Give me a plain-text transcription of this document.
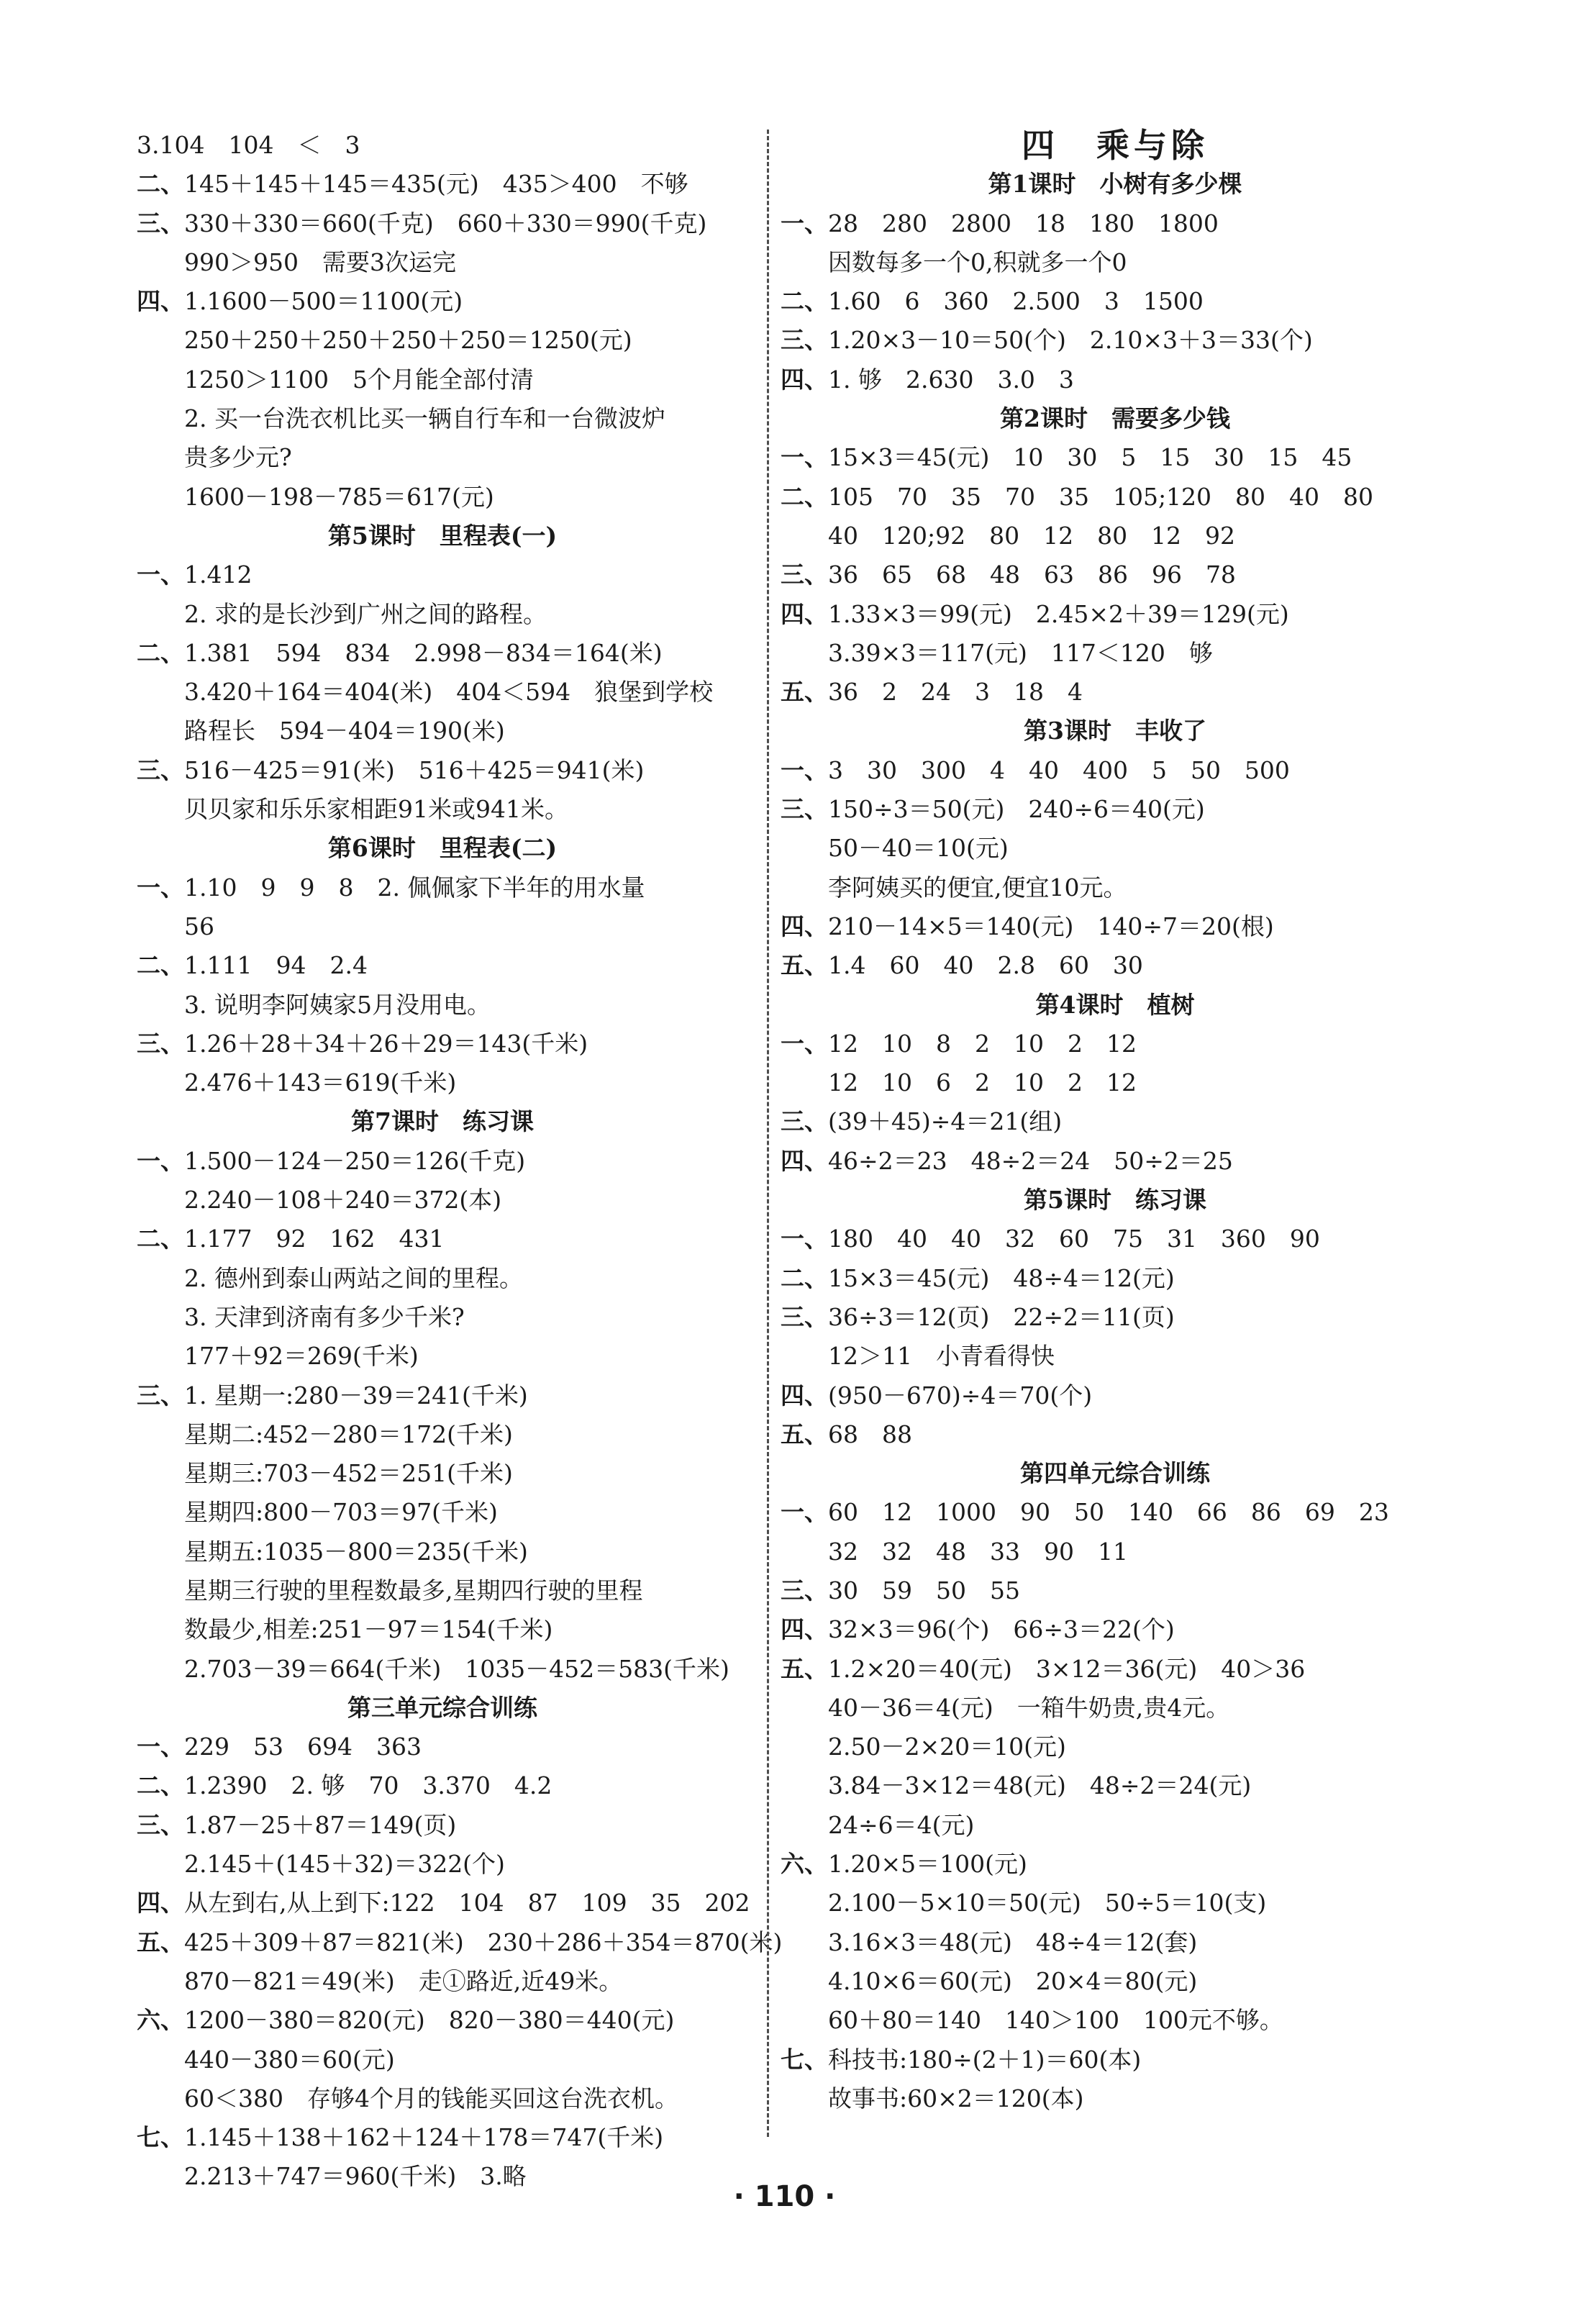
3.104　104　＜　3
二、145＋145＋145＝435(元)　435＞400　不够
三、330＋330＝660(千克)　660＋330＝990(千克)
990＞950　需要3次运完
四、1.1600－500＝1100(元)
250＋250＋250＋250＋250＝1250(元)
1250＞1100　5个月能全部付清
2. 买一台洗衣机比买一辆自行车和一台微波炉
贵多少元?
1600－198－785＝617(元)
第5课时　里程表(一)
一、1.412
2. 求的是长沙到广州之间的路程。
二、1.381　594　834　2.998－834＝164(米)
3.420＋164＝404(米)　404＜594　狼堡到学校
路程长　594－404＝190(米)
三、516－425＝91(米)　516＋425＝941(米)
贝贝家和乐乐家相距91米或941米。
第6课时　里程表(二)
一、1.10　9　9　8　2. 佩佩家下半年的用水量
56
二、1.111　94　2.4
3. 说明李阿姨家5月没用电。
三、1.26＋28＋34＋26＋29＝143(千米)
2.476＋143＝619(千米)
第7课时　练习课
一、1.500－124－250＝126(千克)
2.240－108＋240＝372(本)
二、1.177　92　162　431
2. 德州到泰山两站之间的里程。
3. 天津到济南有多少千米?
177＋92＝269(千米)
三、1. 星期一:280－39＝241(千米)
星期二:452－280＝172(千米)
星期三:703－452＝251(千米)
星期四:800－703＝97(千米)
星期五:1035－800＝235(千米)
星期三行驶的里程数最多,星期四行驶的里程
数最少,相差:251－97＝154(千米)
2.703－39＝664(千米)　1035－452＝583(千米)
第三单元综合训练
一、229　53　694　363
二、1.2390　2. 够　70　3.370　4.2
三、1.87－25＋87＝149(页)
2.145＋(145＋32)＝322(个)
四、从左到右,从上到下:122　104　87　109　35　202
五、425＋309＋87＝821(米)　230＋286＋354＝870(米)
870－821＝49(米)　走①路近,近49米。
六、1200－380＝820(元)　820－380＝440(元)
440－380＝60(元)
60＜380　存够4个月的钱能买回这台洗衣机。
七、1.145＋138＋162＋124＋178＝747(千米)
2.213＋747＝960(千米)　3.略
四　乘与除
第1课时　小树有多少棵
一、28　280　2800　18　180　1800
因数每多一个0,积就多一个0
二、1.60　6　360　2.500　3　1500
三、1.20×3－10＝50(个)　2.10×3＋3＝33(个)
四、1. 够　2.630　3.0　3
第2课时　需要多少钱
一、15×3＝45(元)　10　30　5　15　30　15　45
二、105　70　35　70　35　105;120　80　40　80
40　120;92　80　12　80　12　92
三、36　65　68　48　63　86　96　78
四、1.33×3＝99(元)　2.45×2＋39＝129(元)
3.39×3＝117(元)　117＜120　够
五、36　2　24　3　18　4
第3课时　丰收了
一、3　30　300　4　40　400　5　50　500
三、150÷3＝50(元)　240÷6＝40(元)
50－40＝10(元)
李阿姨买的便宜,便宜10元。
四、210－14×5＝140(元)　140÷7＝20(根)
五、1.4　60　40　2.8　60　30
第4课时　植树
一、12　10　8　2　10　2　12
12　10　6　2　10　2　12
三、(39＋45)÷4＝21(组)
四、46÷2＝23　48÷2＝24　50÷2＝25
第5课时　练习课
一、180　40　40　32　60　75　31　360　90
二、15×3＝45(元)　48÷4＝12(元)
三、36÷3＝12(页)　22÷2＝11(页)
12＞11　小青看得快
四、(950－670)÷4＝70(个)
五、68　88
第四单元综合训练
一、60　12　1000　90　50　140　66　86　69　23
32　32　48　33　90　11
三、30　59　50　55
四、32×3＝96(个)　66÷3＝22(个)
五、1.2×20＝40(元)　3×12＝36(元)　40＞36
40－36＝4(元)　一箱牛奶贵,贵4元。
2.50－2×20＝10(元)
3.84－3×12＝48(元)　48÷2＝24(元)
24÷6＝4(元)
六、1.20×5＝100(元)
2.100－5×10＝50(元)　50÷5＝10(支)
3.16×3＝48(元)　48÷4＝12(套)
4.10×6＝60(元)　20×4＝80(元)
60＋80＝140　140＞100　100元不够。
七、科技书:180÷(2＋1)＝60(本)
故事书:60×2＝120(本)
· 110 ·
